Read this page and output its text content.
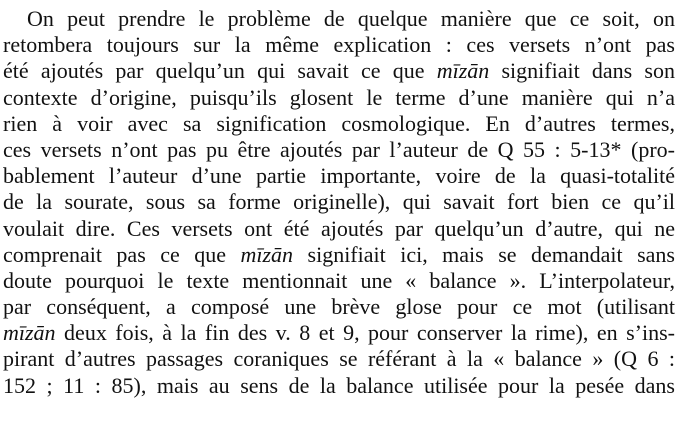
On peut prendre le problème de quelque manière que ce soit, on
retombera toujours sur la même explication : ces versets n’ont pas
été ajoutés par quelqu’un qui savait ce que mīzān signifiait dans son
contexte d’origine, puisqu’ils glosent le terme d’une manière qui n’a
rien à voir avec sa signification cosmologique. En d’autres termes,
ces versets n’ont pas pu être ajoutés par l’auteur de Q 55 : 5-13* (pro-
bablement l’auteur d’une partie importante, voire de la quasi-totalité
de la sourate, sous sa forme originelle), qui savait fort bien ce qu’il
voulait dire. Ces versets ont été ajoutés par quelqu’un d’autre, qui ne
comprenait pas ce que mīzān signifiait ici, mais se demandait sans
doute pourquoi le texte mentionnait une « balance ». L’interpolateur,
par conséquent, a composé une brève glose pour ce mot (utilisant
mīzān deux fois, à la fin des v. 8 et 9, pour conserver la rime), en s’ins-
pirant d’autres passages coraniques se référant à la « balance » (Q 6 :
152 ; 11 : 85), mais au sens de la balance utilisée pour la pesée dans
